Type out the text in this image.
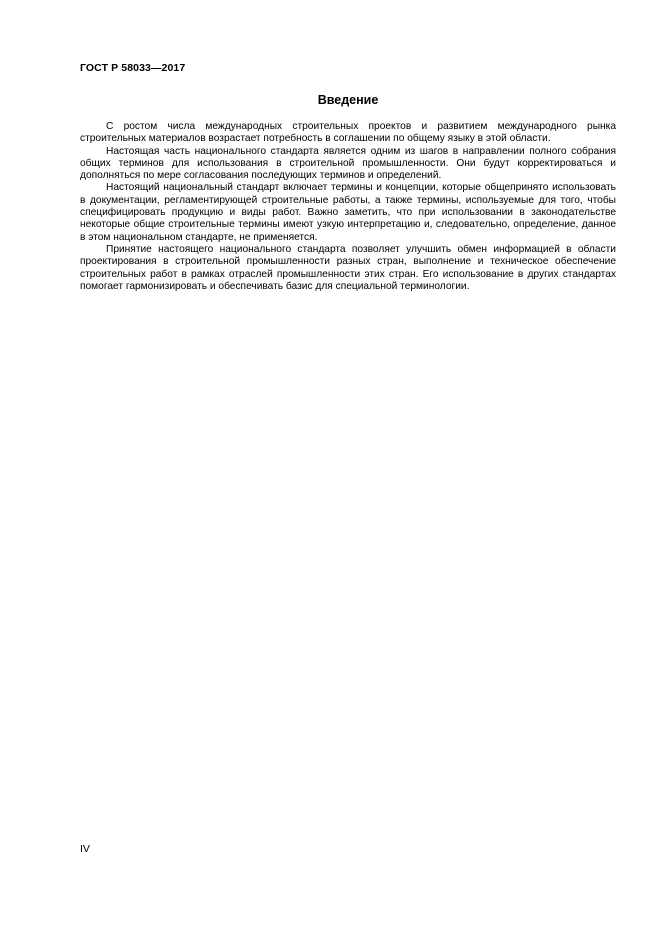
ГОСТ Р 58033—2017
Введение

С ростом числа международных строительных проектов и развитием международного рынка строительных материалов возрастает потребность в соглашении по общему языку в этой области.

Настоящая часть национального стандарта является одним из шагов в направлении полного собрания общих терминов для использования в строительной промышленности. Они будут корректироваться и дополняться по мере согласования последующих терминов и определений.

Настоящий национальный стандарт включает термины и концепции, которые общепринято использовать в документации, регламентирующей строительные работы, а также термины, используемые для того, чтобы специфицировать продукцию и виды работ. Важно заметить, что при использовании в законодательстве некоторые общие строительные термины имеют узкую интерпретацию и, следовательно, определение, данное в этом национальном стандарте, не применяется.

Принятие настоящего национального стандарта позволяет улучшить обмен информацией в области проектирования в строительной промышленности разных стран, выполнение и техническое обеспечение строительных работ в рамках отраслей промышленности этих стран. Его использование в других стандартах помогает гармонизировать и обеспечивать базис для специальной терминологии.

IV
